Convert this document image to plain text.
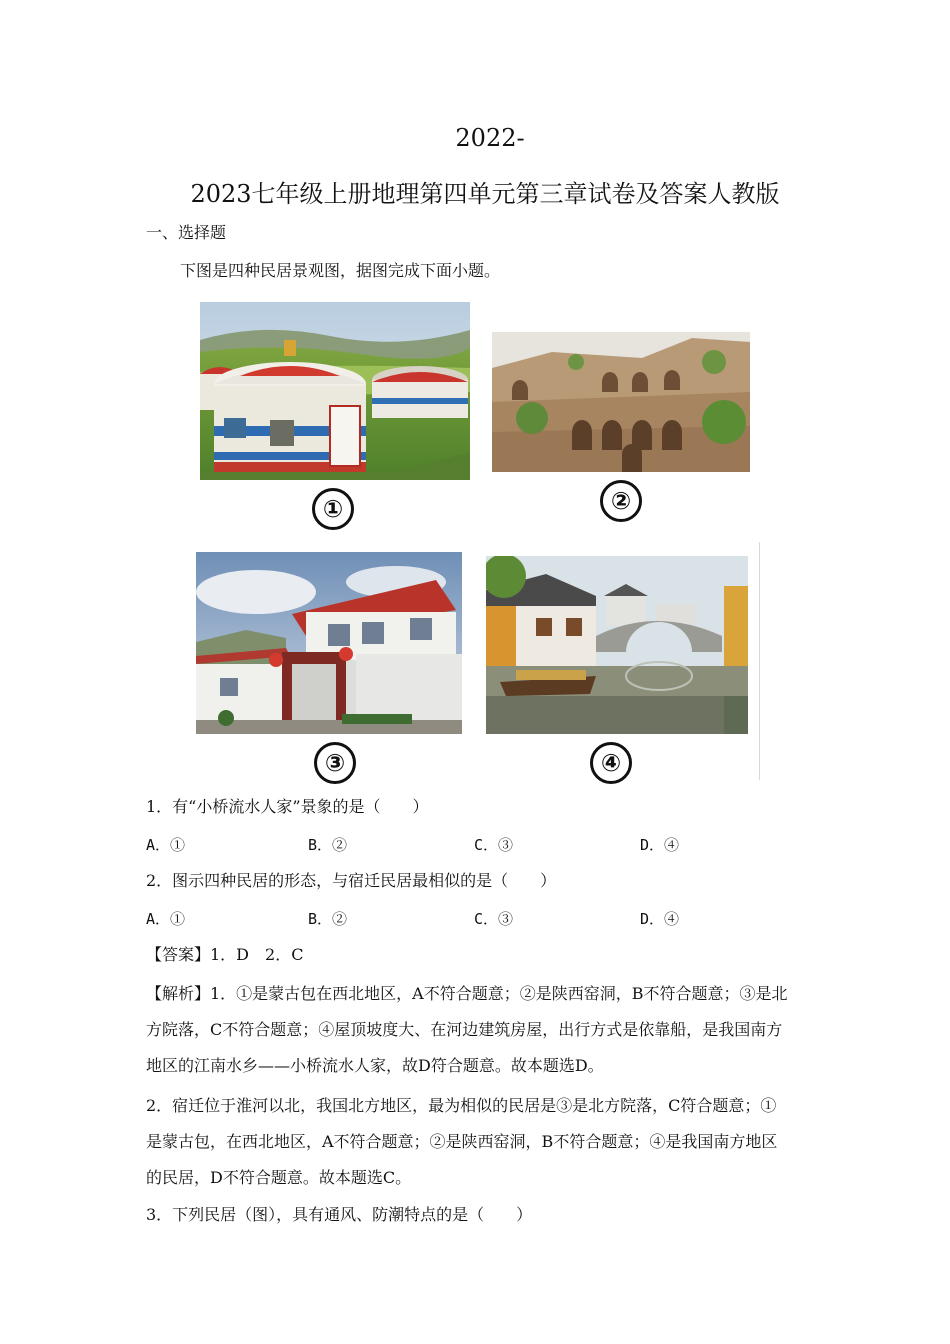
2022-
2023七年级上册地理第四单元第三章试卷及答案人教版
一、选择题
下图是四种民居景观图，据图完成下面小题。
①	②
③	④
1．有“小桥流水人家”景象的是（　　）
A．①	B．②	C．③	D．④
2．图示四种民居的形态，与宿迁民居最相似的是（　　）
A．①	B．②	C．③	D．④
【答案】1．D　2．C
【解析】1．①是蒙古包在西北地区，A不符合题意；②是陕西窑洞，B不符合题意；③是北
方院落，C不符合题意；④屋顶坡度大、在河边建筑房屋，出行方式是依靠船，是我国南方
地区的江南水乡——小桥流水人家，故D符合题意。故本题选D。
2．宿迁位于淮河以北，我国北方地区，最为相似的民居是③是北方院落，C符合题意；①
是蒙古包，在西北地区，A不符合题意；②是陕西窑洞，B不符合题意；④是我国南方地区
的民居，D不符合题意。故本题选C。
3．下列民居（图），具有通风、防潮特点的是（　　）
